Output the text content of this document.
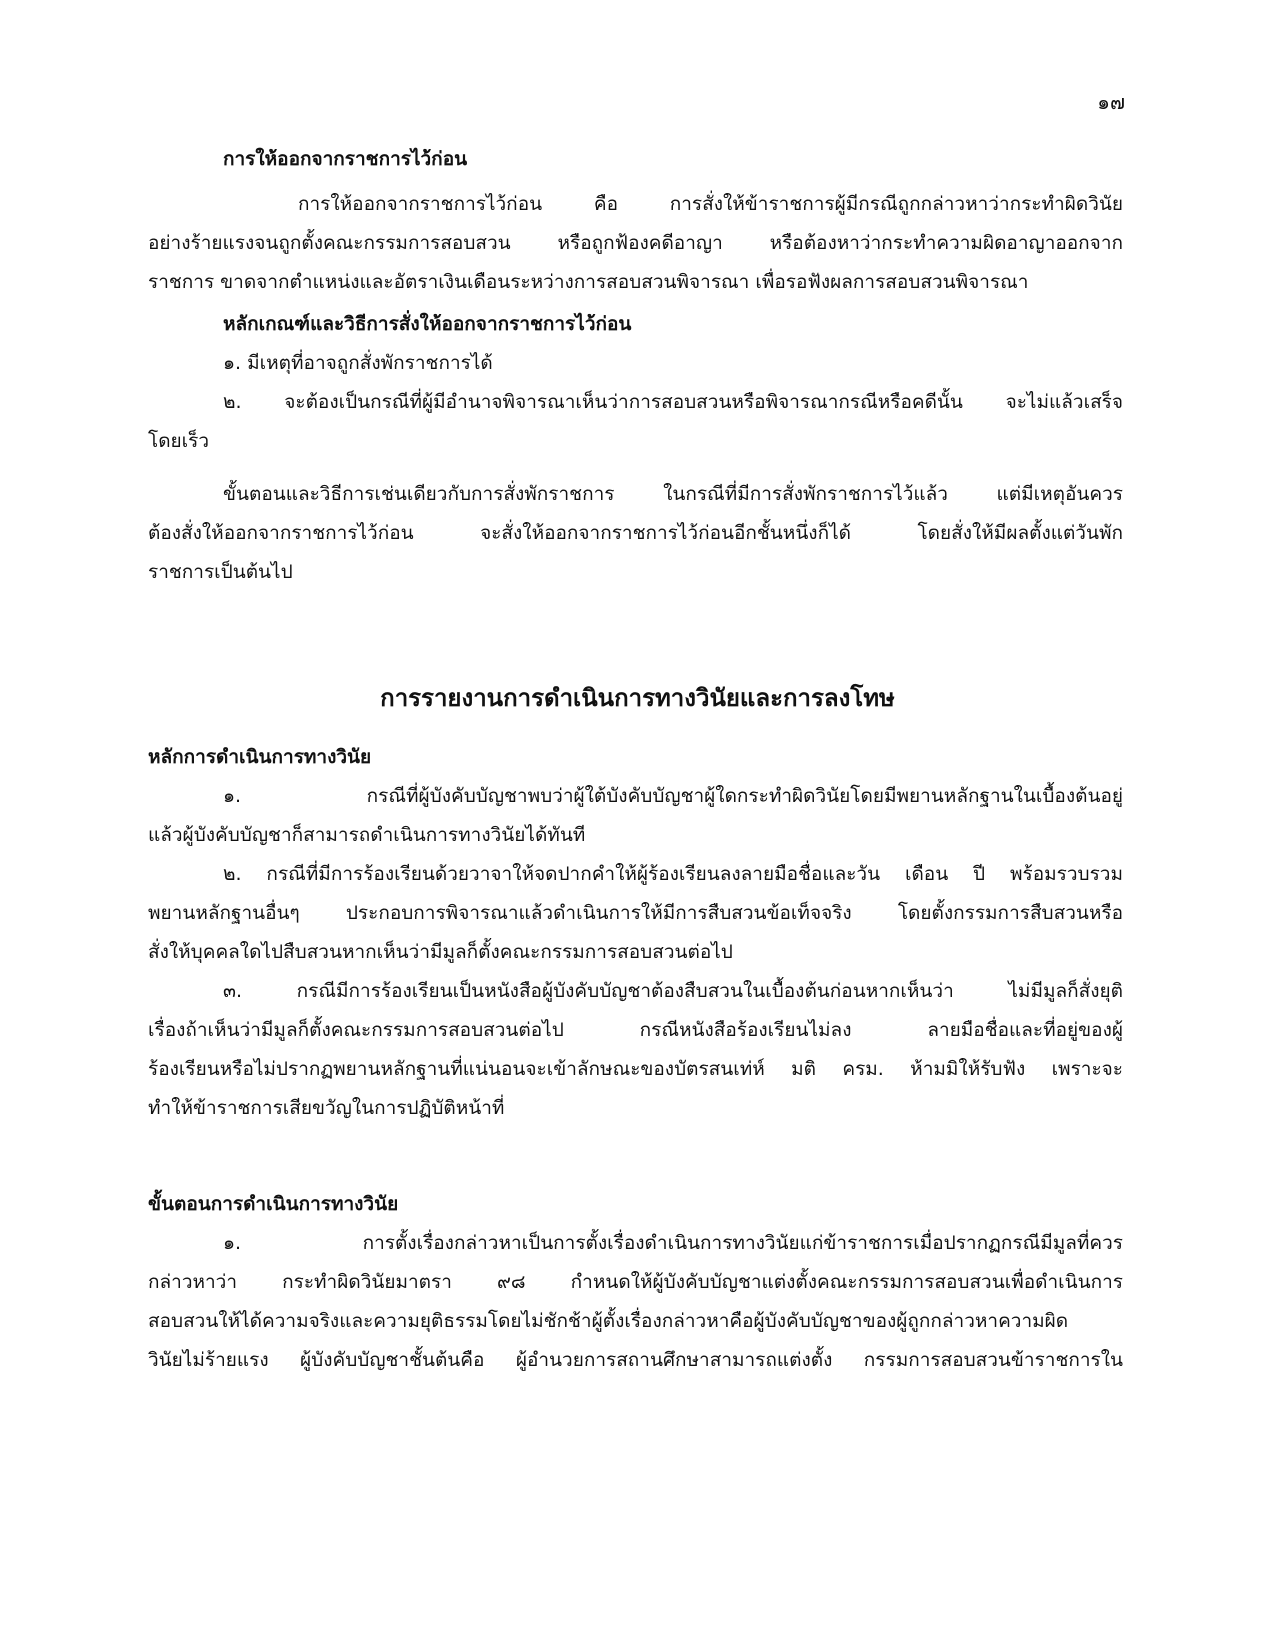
๑๗
การให้ออกจากราชการไว้ก่อน
การให้ออกจากราชการไว้ก่อน คือ การสั่งให้ข้าราชการผู้มีกรณีถูกกล่าวหาว่ากระทำผิดวินัย
อย่างร้ายแรงจนถูกตั้งคณะกรรมการสอบสวน หรือถูกฟ้องคดีอาญา หรือต้องหาว่ากระทำความผิดอาญาออกจาก
ราชการ ขาดจากตำแหน่งและอัตราเงินเดือนระหว่างการสอบสวนพิจารณา เพื่อรอฟังผลการสอบสวนพิจารณา
หลักเกณฑ์และวิธีการสั่งให้ออกจากราชการไว้ก่อน
๑. มีเหตุที่อาจถูกสั่งพักราชการได้
๒. จะต้องเป็นกรณีที่ผู้มีอำนาจพิจารณาเห็นว่าการสอบสวนหรือพิจารณากรณีหรือคดีนั้น จะไม่แล้วเสร็จ
โดยเร็ว
ขั้นตอนและวิธีการเช่นเดียวกับการสั่งพักราชการ ในกรณีที่มีการสั่งพักราชการไว้แล้ว แต่มีเหตุอันควร
ต้องสั่งให้ออกจากราชการไว้ก่อน จะสั่งให้ออกจากราชการไว้ก่อนอีกชั้นหนึ่งก็ได้ โดยสั่งให้มีผลตั้งแต่วันพัก
ราชการเป็นต้นไป
การรายงานการดำเนินการทางวินัยและการลงโทษ
หลักการดำเนินการทางวินัย
๑. กรณีที่ผู้บังคับบัญชาพบว่าผู้ใต้บังคับบัญชาผู้ใดกระทำผิดวินัยโดยมีพยานหลักฐานในเบื้องต้นอยู่
แล้วผู้บังคับบัญชาก็สามารถดำเนินการทางวินัยได้ทันที
๒. กรณีที่มีการร้องเรียนด้วยวาจาให้จดปากคำให้ผู้ร้องเรียนลงลายมือชื่อและวัน เดือน ปี พร้อมรวบรวม
พยานหลักฐานอื่นๆ ประกอบการพิจารณาแล้วดำเนินการให้มีการสืบสวนข้อเท็จจริง โดยตั้งกรรมการสืบสวนหรือ
สั่งให้บุคคลใดไปสืบสวนหากเห็นว่ามีมูลก็ตั้งคณะกรรมการสอบสวนต่อไป
๓. กรณีมีการร้องเรียนเป็นหนังสือผู้บังคับบัญชาต้องสืบสวนในเบื้องต้นก่อนหากเห็นว่า ไม่มีมูลก็สั่งยุติ
เรื่องถ้าเห็นว่ามีมูลก็ตั้งคณะกรรมการสอบสวนต่อไป กรณีหนังสือร้องเรียนไม่ลง ลายมือชื่อและที่อยู่ของผู้
ร้องเรียนหรือไม่ปรากฏพยานหลักฐานที่แน่นอนจะเข้าลักษณะของบัตรสนเท่ห์ มติ ครม. ห้ามมิให้รับฟัง เพราะจะ
ทำให้ข้าราชการเสียขวัญในการปฏิบัติหน้าที่
ขั้นตอนการดำเนินการทางวินัย
๑. การตั้งเรื่องกล่าวหาเป็นการตั้งเรื่องดำเนินการทางวินัยแก่ข้าราชการเมื่อปรากฏกรณีมีมูลที่ควร
กล่าวหาว่า กระทำผิดวินัยมาตรา ๙๘ กำหนดให้ผู้บังคับบัญชาแต่งตั้งคณะกรรมการสอบสวนเพื่อดำเนินการ
สอบสวนให้ได้ความจริงและความยุติธรรมโดยไม่ชักช้าผู้ตั้งเรื่องกล่าวหาคือผู้บังคับบัญชาของผู้ถูกกล่าวหาความผิด
วินัยไม่ร้ายแรง ผู้บังคับบัญชาชั้นต้นคือ ผู้อำนวยการสถานศึกษาสามารถแต่งตั้ง กรรมการสอบสวนข้าราชการใน
